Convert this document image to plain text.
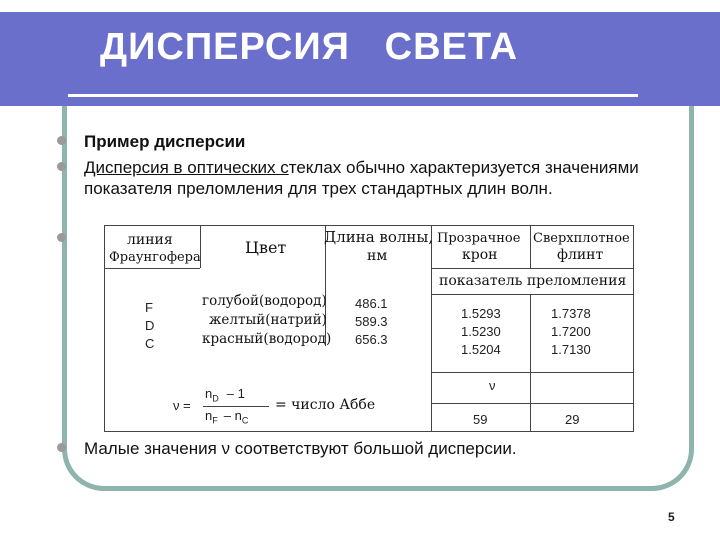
ДИСПЕРСИЯ   СВЕТА
Пример дисперсии
Дисперсия в оптических стеклах обычно характеризуется значениями показателя преломления для трех стандартных длин волн.
линия
Фраунгофера
Цвет
Длина волны,
нм
Прозрачное
крон
Сверхплотное
флинт
показатель преломления
F
D
C
голубой(водород)
желтый(натрий)
красный(водород)
486.1
589.3
656.3
1.5293
1.5230
1.5204
1.7378
1.7200
1.7130
ν =
$n_D - 1$
$n_F - n_C$
= число Аббе
ν
59	29
Малые значения ν соответствуют большой дисперсии.
5
